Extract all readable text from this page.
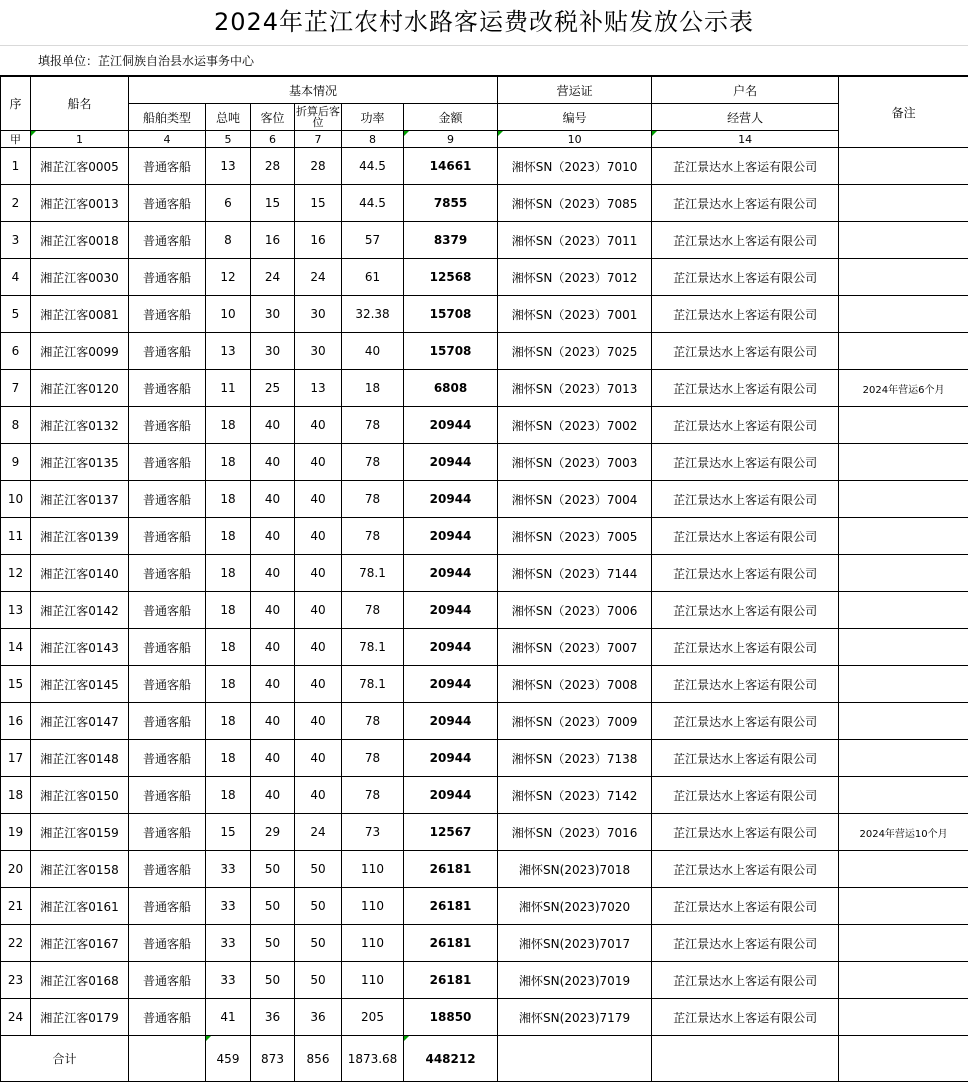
2024年芷江农村水路客运费改税补贴发放公示表
填报单位：芷江侗族自治县水运事务中心
序	船名	基本情况						营运证	户名	备注
		船舶类型	总吨	客位	折算后客位	功率	金额	编号	经营人	
甲	1	4	5	6	7	8	9	10	14	
1	湘芷江客0005	普通客船	13	28	28	44.5	14661	湘怀SN（2023）7010	芷江景达水上客运有限公司	
2	湘芷江客0013	普通客船	6	15	15	44.5	7855	湘怀SN（2023）7085	芷江景达水上客运有限公司	
3	湘芷江客0018	普通客船	8	16	16	57	8379	湘怀SN（2023）7011	芷江景达水上客运有限公司	
4	湘芷江客0030	普通客船	12	24	24	61	12568	湘怀SN（2023）7012	芷江景达水上客运有限公司	
5	湘芷江客0081	普通客船	10	30	30	32.38	15708	湘怀SN（2023）7001	芷江景达水上客运有限公司	
6	湘芷江客0099	普通客船	13	30	30	40	15708	湘怀SN（2023）7025	芷江景达水上客运有限公司	
7	湘芷江客0120	普通客船	11	25	13	18	6808	湘怀SN（2023）7013	芷江景达水上客运有限公司	2024年营运6个月
8	湘芷江客0132	普通客船	18	40	40	78	20944	湘怀SN（2023）7002	芷江景达水上客运有限公司	
9	湘芷江客0135	普通客船	18	40	40	78	20944	湘怀SN（2023）7003	芷江景达水上客运有限公司	
10	湘芷江客0137	普通客船	18	40	40	78	20944	湘怀SN（2023）7004	芷江景达水上客运有限公司	
11	湘芷江客0139	普通客船	18	40	40	78	20944	湘怀SN（2023）7005	芷江景达水上客运有限公司	
12	湘芷江客0140	普通客船	18	40	40	78.1	20944	湘怀SN（2023）7144	芷江景达水上客运有限公司	
13	湘芷江客0142	普通客船	18	40	40	78	20944	湘怀SN（2023）7006	芷江景达水上客运有限公司	
14	湘芷江客0143	普通客船	18	40	40	78.1	20944	湘怀SN（2023）7007	芷江景达水上客运有限公司	
15	湘芷江客0145	普通客船	18	40	40	78.1	20944	湘怀SN（2023）7008	芷江景达水上客运有限公司	
16	湘芷江客0147	普通客船	18	40	40	78	20944	湘怀SN（2023）7009	芷江景达水上客运有限公司	
17	湘芷江客0148	普通客船	18	40	40	78	20944	湘怀SN（2023）7138	芷江景达水上客运有限公司	
18	湘芷江客0150	普通客船	18	40	40	78	20944	湘怀SN（2023）7142	芷江景达水上客运有限公司	
19	湘芷江客0159	普通客船	15	29	24	73	12567	湘怀SN（2023）7016	芷江景达水上客运有限公司	2024年营运10个月
20	湘芷江客0158	普通客船	33	50	50	110	26181	湘怀SN(2023)7018	芷江景达水上客运有限公司	
21	湘芷江客0161	普通客船	33	50	50	110	26181	湘怀SN(2023)7020	芷江景达水上客运有限公司	
22	湘芷江客0167	普通客船	33	50	50	110	26181	湘怀SN(2023)7017	芷江景达水上客运有限公司	
23	湘芷江客0168	普通客船	33	50	50	110	26181	湘怀SN(2023)7019	芷江景达水上客运有限公司	
24	湘芷江客0179	普通客船	41	36	36	205	18850	湘怀SN(2023)7179	芷江景达水上客运有限公司	
合计			459	873	856	1873.68	448212			
